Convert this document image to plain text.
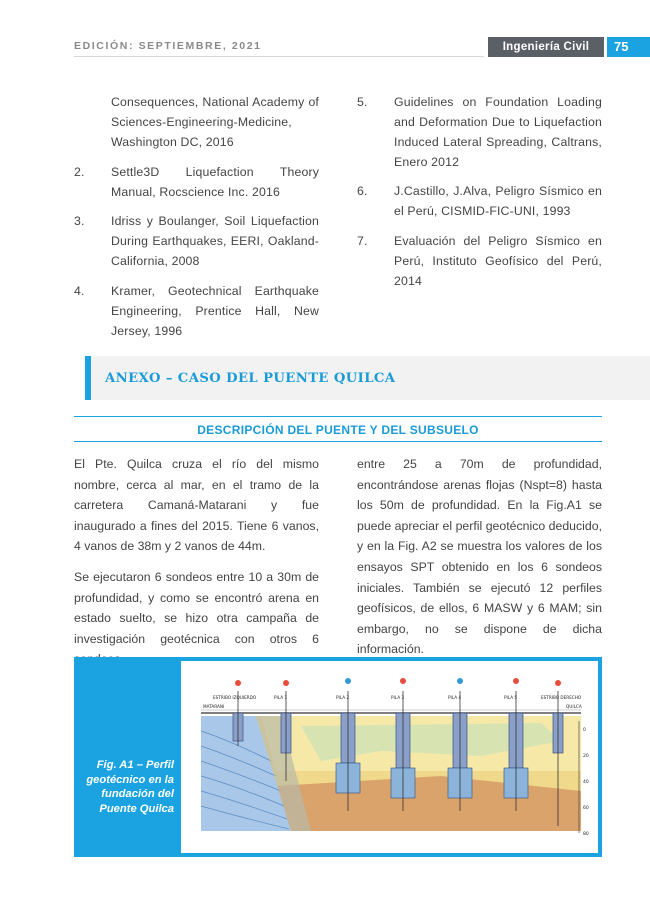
EDICIÓN: SEPTIEMBRE, 2021	Ingeniería Civil	75
Consequences, National Academy of Sciences-Engineering-Medicine, Washington DC, 2016
2. Settle3D Liquefaction Theory Manual, Rocscience Inc. 2016
3. Idriss y Boulanger, Soil Liquefaction During Earthquakes, EERI, Oakland-California, 2008
4. Kramer, Geotechnical Earthquake Engineering, Prentice Hall, New Jersey, 1996
5. Guidelines on Foundation Loading and Deformation Due to Liquefaction Induced Lateral Spreading, Caltrans, Enero 2012
6. J.Castillo, J.Alva, Peligro Sísmico en el Perú, CISMID-FIC-UNI, 1993
7. Evaluación del Peligro Sísmico en Perú, Instituto Geofísico del Perú, 2014
ANEXO – CASO DEL PUENTE QUILCA
DESCRIPCIÓN DEL PUENTE Y DEL SUBSUELO

El Pte. Quilca cruza el río del mismo nombre, cerca al mar, en el tramo de la carretera Camaná-Matarani y fue inaugurado a fines del 2015. Tiene 6 vanos, 4 vanos de 38m y 2 vanos de 44m.

Se ejecutaron 6 sondeos entre 10 a 30m de profundidad, y como se encontró arena en estado suelto, se hizo otra campaña de investigación geotécnica con otros 6

entre 25 a 70m de profundidad, encontrándose arenas flojas (Nspt=8) hasta los 50m de profundidad. En la Fig.A1 se puede apreciar el perfil geotécnico deducido, y en la Fig. A2 se muestra los valores de los ensayos SPT obtenido en los 6 sondeos iniciales. También se ejecutó 12 perfiles geofísicos, de ellos, 6 MASW y 6 MAM; sin embargo, no se dispone de dicha información.

ESTRIBO IZQUIERDO	PILA 1	PILA 2	PILA 3	PILA 4	PILA 5	ESTRIBO DERECHO
MATARANI	QUILCA
0
20
40
60
80
Fig. A1 – Perfil geotécnico en la fundación del Puente Quilca
